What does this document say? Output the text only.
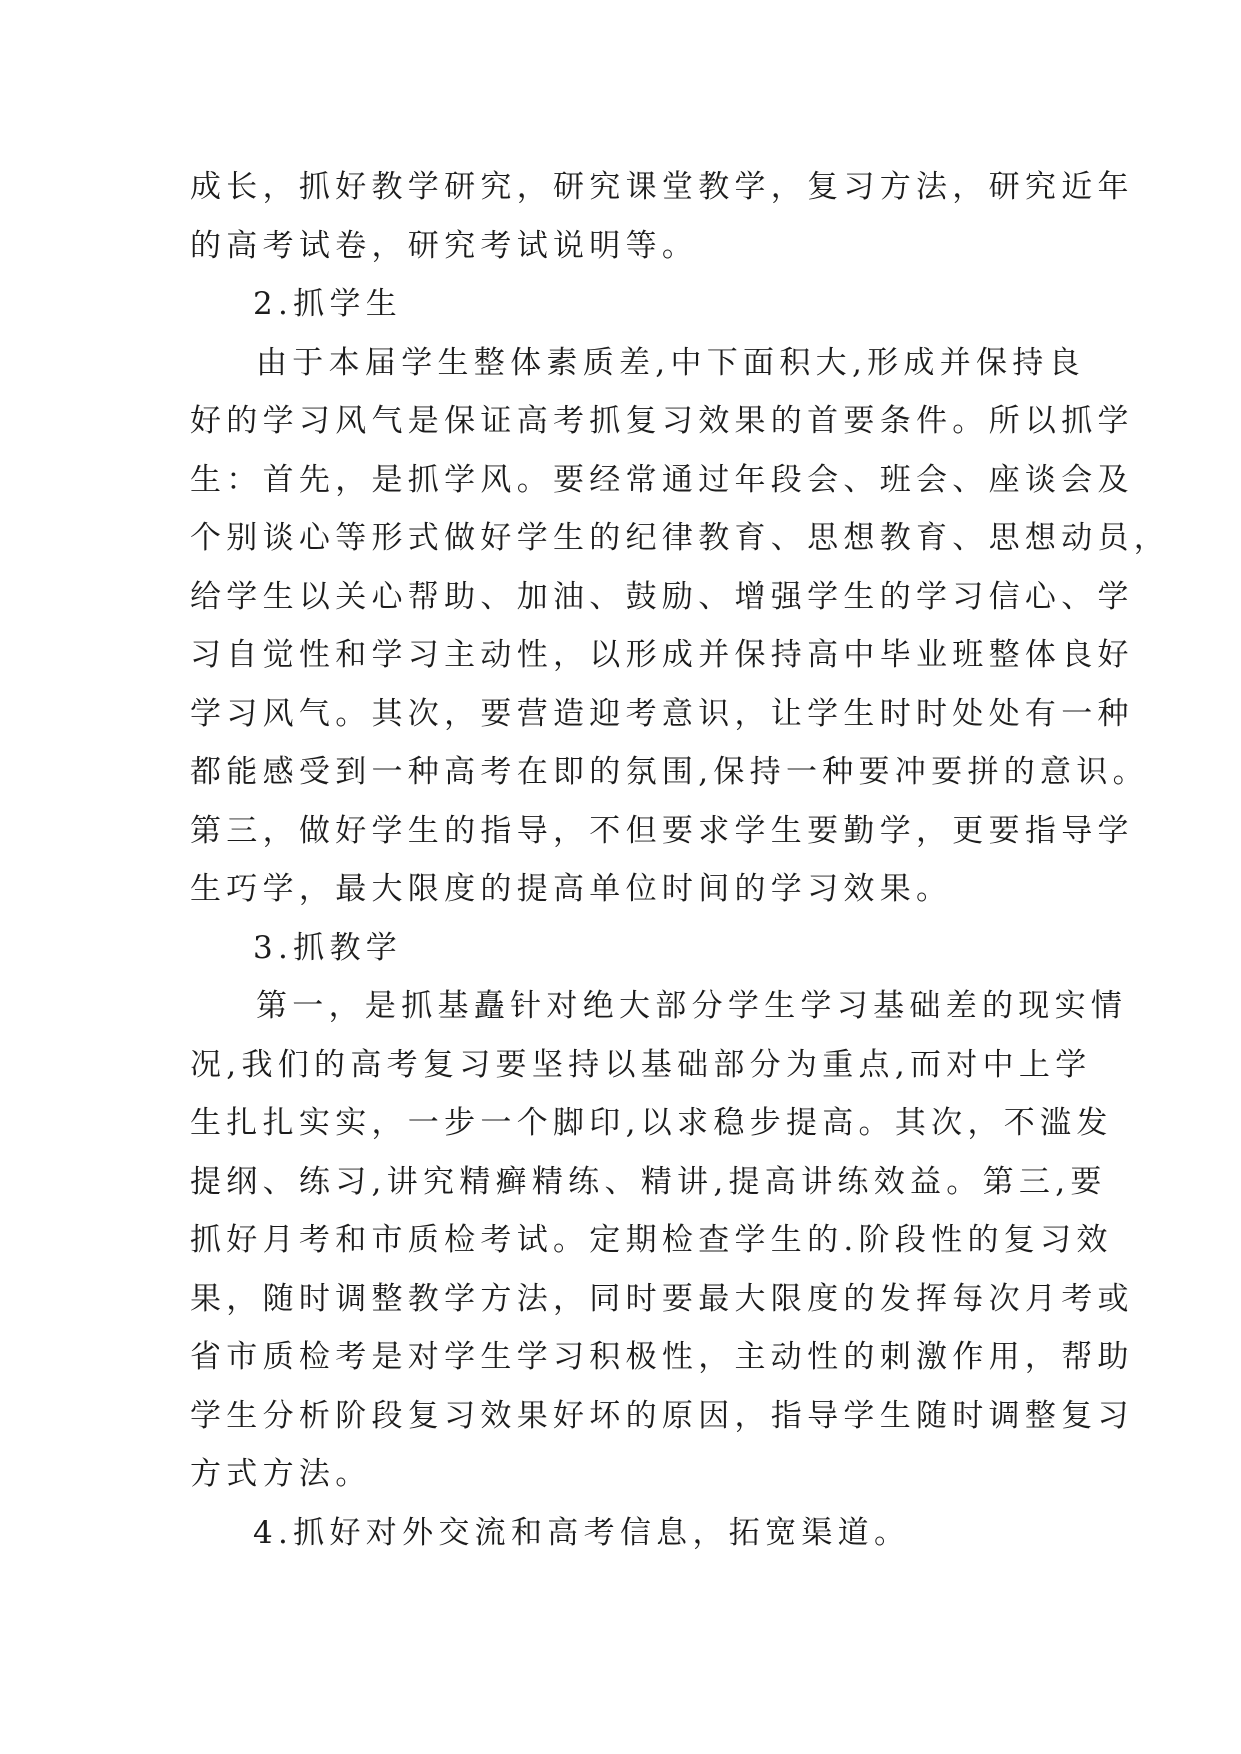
成长，抓好教学研究，研究课堂教学，复习方法，研究近年
的高考试卷，研究考试说明等。
2.抓学生
由于本届学生整体素质差,中下面积大,形成并保持良
好的学习风气是保证高考抓复习效果的首要条件。所以抓学
生：首先，是抓学风。要经常通过年段会、班会、座谈会及
个别谈心等形式做好学生的纪律教育、思想教育、思想动员，
给学生以关心帮助、加油、鼓励、增强学生的学习信心、学
习自觉性和学习主动性，以形成并保持高中毕业班整体良好
学习风气。其次，要营造迎考意识，让学生时时处处有一种
都能感受到一种高考在即的氛围,保持一种要冲要拼的意识。
第三，做好学生的指导，不但要求学生要勤学，更要指导学
生巧学，最大限度的提高单位时间的学习效果。
3.抓教学
第一，是抓基矗针对绝大部分学生学习基础差的现实情
况,我们的高考复习要坚持以基础部分为重点,而对中上学
生扎扎实实，一步一个脚印,以求稳步提高。其次，不滥发
提纲、练习,讲究精癣精练、精讲,提高讲练效益。第三,要
抓好月考和市质检考试。定期检查学生的.阶段性的复习效
果，随时调整教学方法，同时要最大限度的发挥每次月考或
省市质检考是对学生学习积极性，主动性的刺激作用，帮助
学生分析阶段复习效果好坏的原因，指导学生随时调整复习
方式方法。
4.抓好对外交流和高考信息，拓宽渠道。
